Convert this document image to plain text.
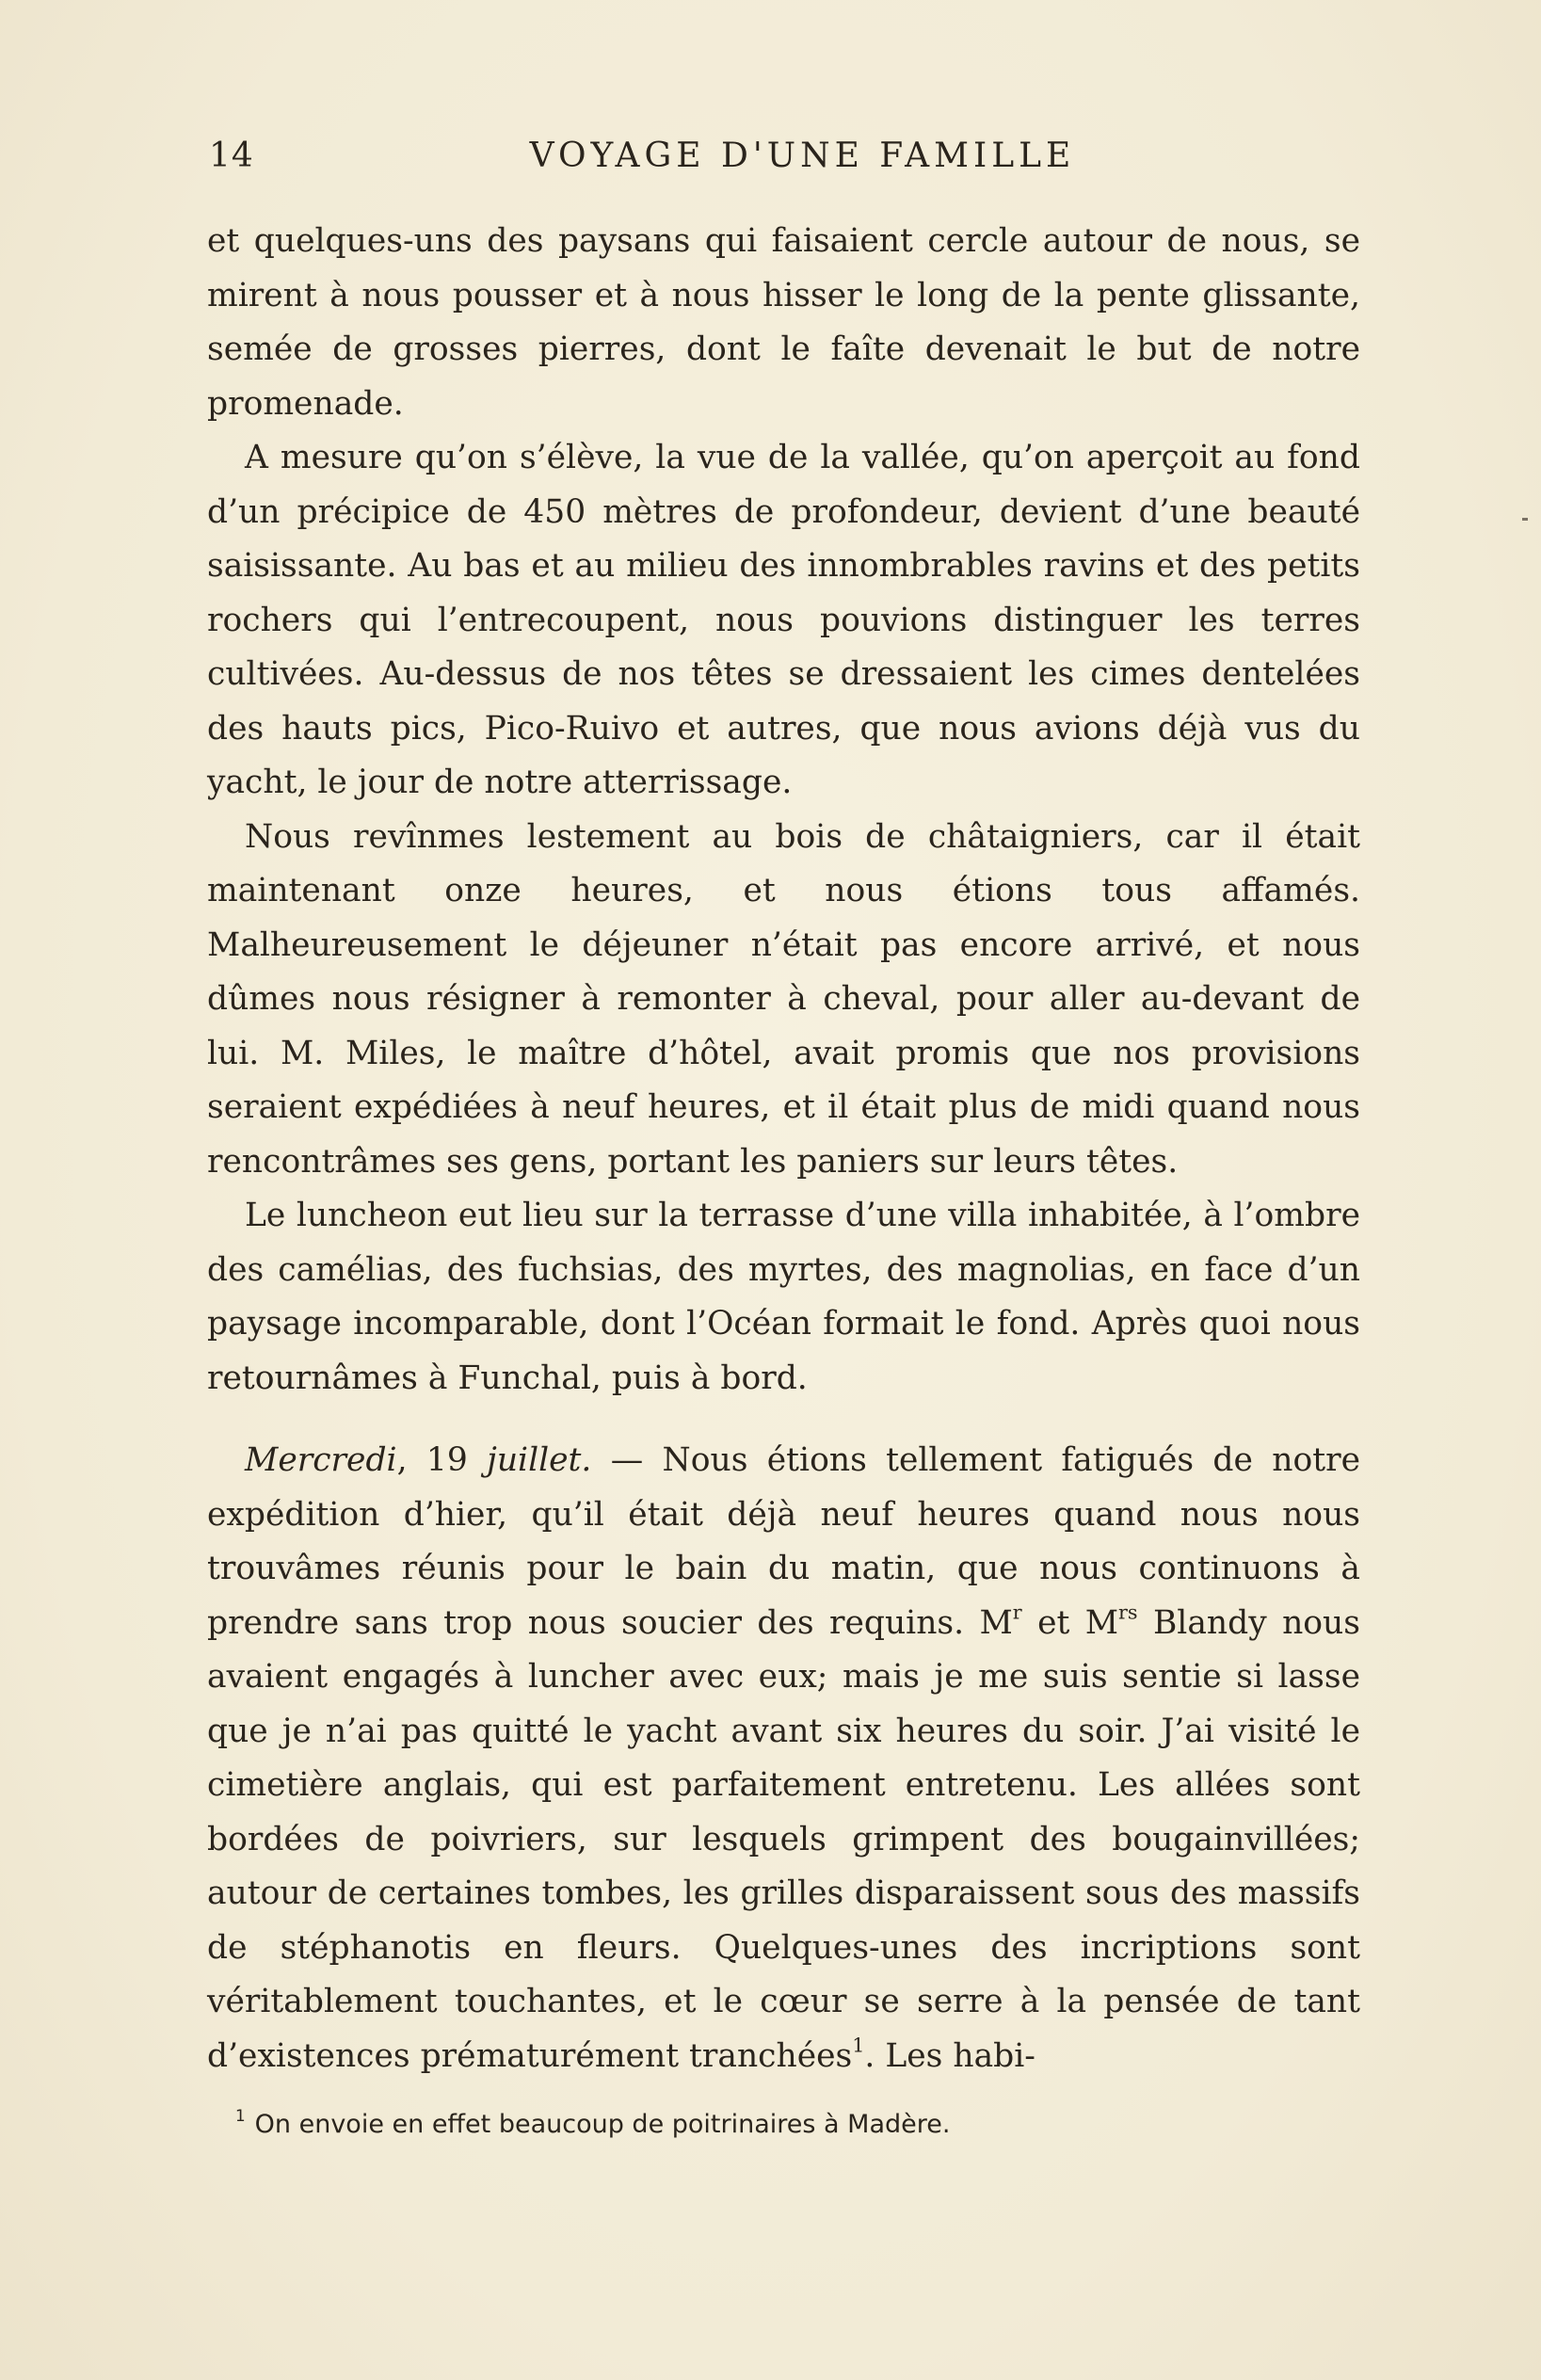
14	VOYAGE D'UNE FAMILLE

et quelques-uns des paysans qui faisaient cercle autour de nous, se mirent à nous pousser et à nous hisser le long de la pente glissante, semée de grosses pierres, dont le faîte devenait le but de notre promenade.

A mesure qu’on s’élève, la vue de la vallée, qu’on aperçoit au fond d’un précipice de 450 mètres de profondeur, devient d’une beauté saisissante. Au bas et au milieu des innombrables ravins et des petits rochers qui l’entrecoupent, nous pouvions distinguer les terres cultivées. Au-dessus de nos têtes se dressaient les cimes dentelées des hauts pics, Pico-Ruivo et autres, que nous avions déjà vus du yacht, le jour de notre atterrissage.

Nous revînmes lestement au bois de châtaigniers, car il était maintenant onze heures, et nous étions tous affamés. Malheureusement le déjeuner n’était pas encore arrivé, et nous dûmes nous résigner à remonter à cheval, pour aller au-devant de lui. M. Miles, le maître d’hôtel, avait promis que nos provisions seraient expédiées à neuf heures, et il était plus de midi quand nous rencontrâmes ses gens, portant les paniers sur leurs têtes.

Le luncheon eut lieu sur la terrasse d’une villa inhabitée, à l’ombre des camélias, des fuchsias, des myrtes, des magnolias, en face d’un paysage incomparable, dont l’Océan formait le fond. Après quoi nous retournâmes à Funchal, puis à bord.

Mercredi, 19 juillet. — Nous étions tellement fatigués de notre expédition d’hier, qu’il était déjà neuf heures quand nous nous trouvâmes réunis pour le bain du matin, que nous continuons à prendre sans trop nous soucier des requins. $M^r$ et $M^{rs}$ Blandy nous avaient engagés à luncher avec eux; mais je me suis sentie si lasse que je n’ai pas quitté le yacht avant six heures du soir. J’ai visité le cimetière anglais, qui est parfaitement entretenu. Les allées sont bordées de poivriers, sur lesquels grimpent des bougainvillées; autour de certaines tombes, les grilles disparaissent sous des massifs de stéphanotis en fleurs. Quelques-unes des incriptions sont véritablement touchantes, et le cœur se serre à la pensée de tant d’existences prématurément tranchées$^1$. Les habi-

$^1$ On envoie en effet beaucoup de poitrinaires à Madère.
